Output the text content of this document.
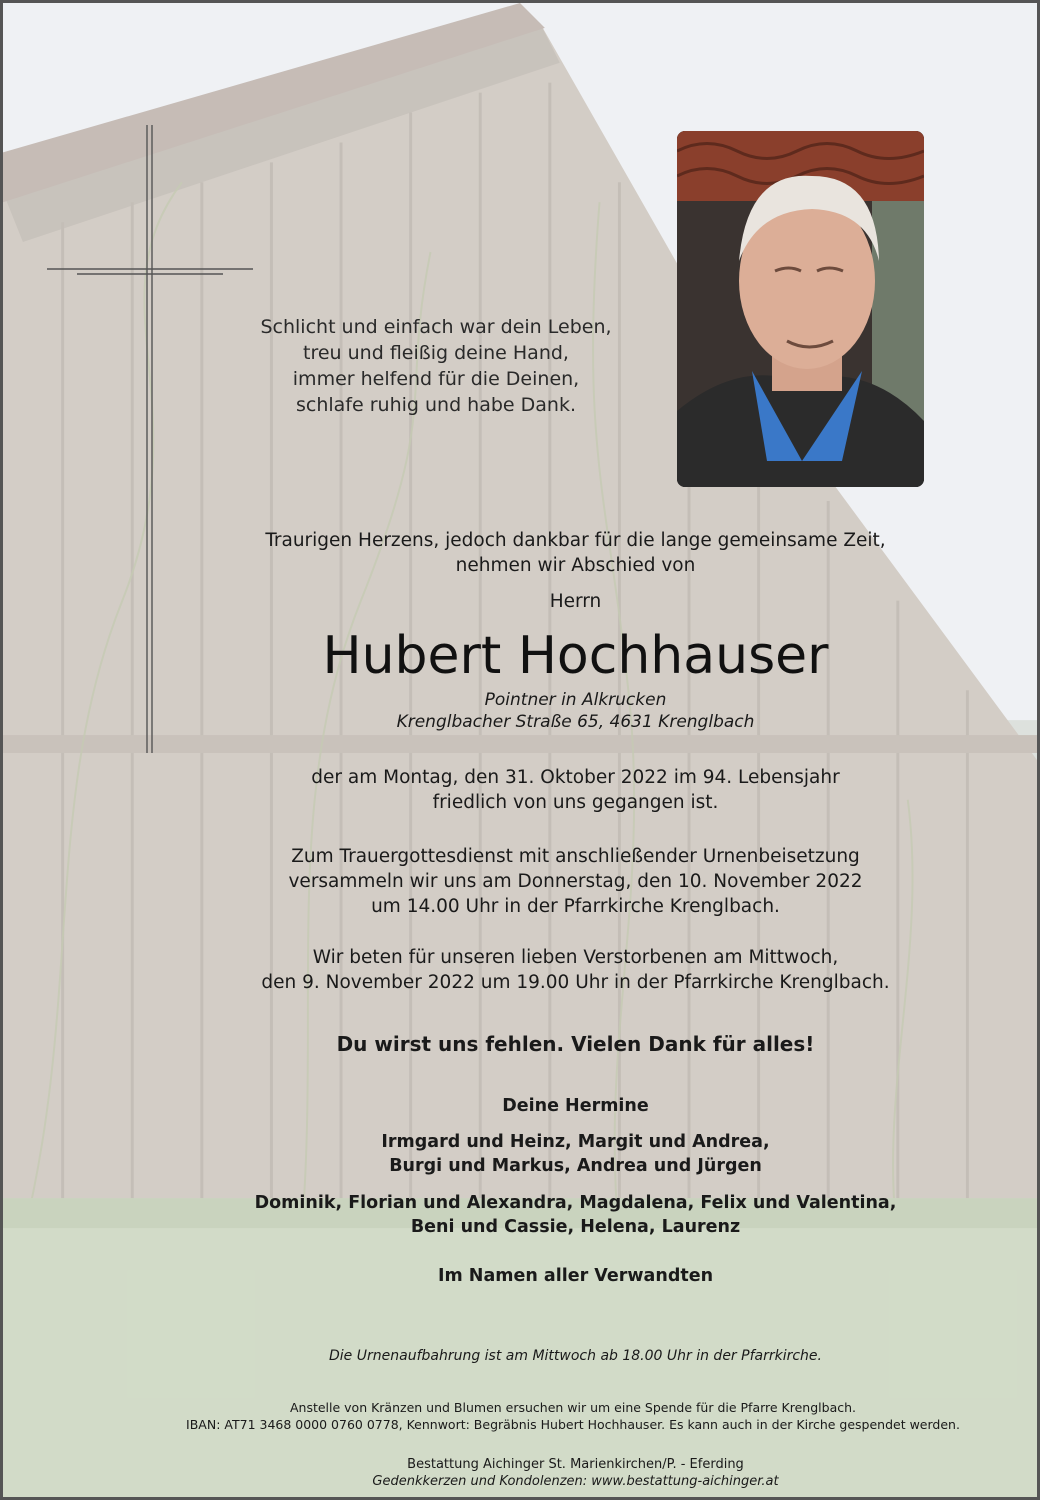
Schlicht und einfach war dein Leben,
treu und fleißig deine Hand,
immer helfend für die Deinen,
schlafe ruhig und habe Dank.
Traurigen Herzens, jedoch dankbar für die lange gemeinsame Zeit,
nehmen wir Abschied von
Herrn
Hubert Hochhauser
Pointner in Alkrucken
Krenglbacher Straße 65, 4631 Krenglbach
der am Montag, den 31. Oktober 2022 im 94. Lebensjahr
friedlich von uns gegangen ist.
Zum Trauergottesdienst mit anschließender Urnenbeisetzung
versammeln wir uns am Donnerstag, den 10. November 2022
um 14.00 Uhr in der Pfarrkirche Krenglbach.
Wir beten für unseren lieben Verstorbenen am Mittwoch,
den 9. November 2022 um 19.00 Uhr in der Pfarrkirche Krenglbach.
Du wirst uns fehlen. Vielen Dank für alles!
Deine Hermine
Irmgard und Heinz, Margit und Andrea,
Burgi und Markus, Andrea und Jürgen
Dominik, Florian und Alexandra, Magdalena, Felix und Valentina,
Beni und Cassie, Helena, Laurenz
Im Namen aller Verwandten
Die Urnenaufbahrung ist am Mittwoch ab 18.00 Uhr in der Pfarrkirche.
Anstelle von Kränzen und Blumen ersuchen wir um eine Spende für die Pfarre Krenglbach.
IBAN: AT71 3468 0000 0760 0778, Kennwort: Begräbnis Hubert Hochhauser. Es kann auch in der Kirche gespendet werden.
Bestattung Aichinger St. Marienkirchen/P. - Eferding
Gedenkkerzen und Kondolenzen: www.bestattung-aichinger.at
